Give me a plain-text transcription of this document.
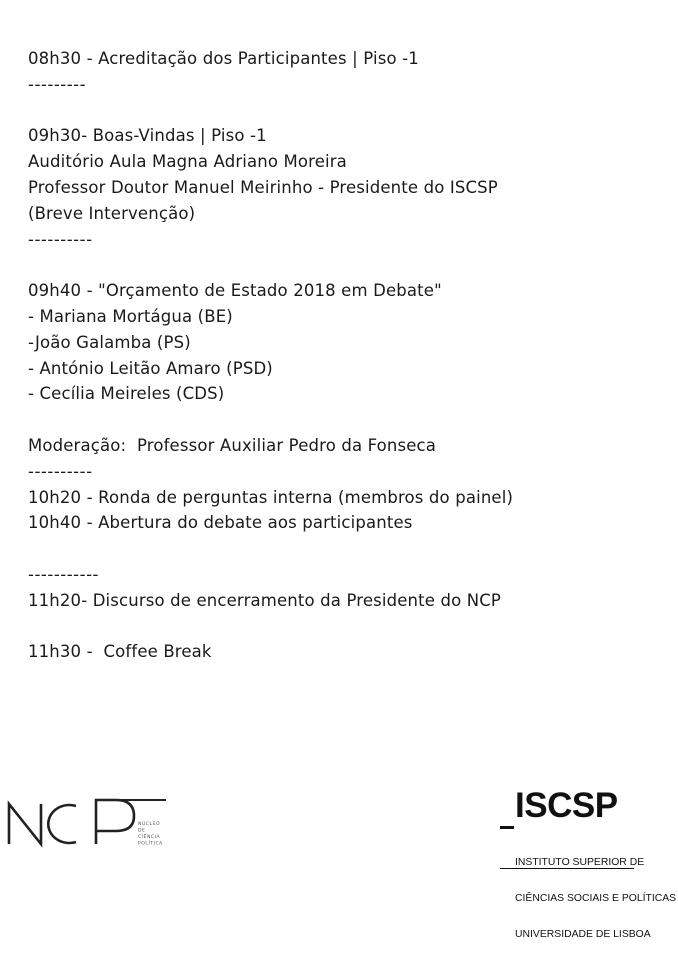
08h30 - Acreditação dos Participantes | Piso -1
---------
09h30- Boas-Vindas | Piso -1
Auditório Aula Magna Adriano Moreira
Professor Doutor Manuel Meirinho - Presidente do ISCSP
(Breve Intervenção)
----------
09h40 - "Orçamento de Estado 2018 em Debate"
- Mariana Mortágua (BE)
-João Galamba (PS)
- António Leitão Amaro (PSD)
- Cecília Meireles (CDS)
Moderação:  Professor Auxiliar Pedro da Fonseca
----------
10h20 - Ronda de perguntas interna (membros do painel)
10h40 - Abertura do debate aos participantes
-----------
11h20- Discurso de encerramento da Presidente do NCP
11h30 -  Coffee Break
NÚCLEO
DE
CIÊNCIA
POLÍTICA
ISCSP

INSTITUTO SUPERIOR DE

CIÊNCIAS SOCIAIS E POLÍTICAS

UNIVERSIDADE DE LISBOA
